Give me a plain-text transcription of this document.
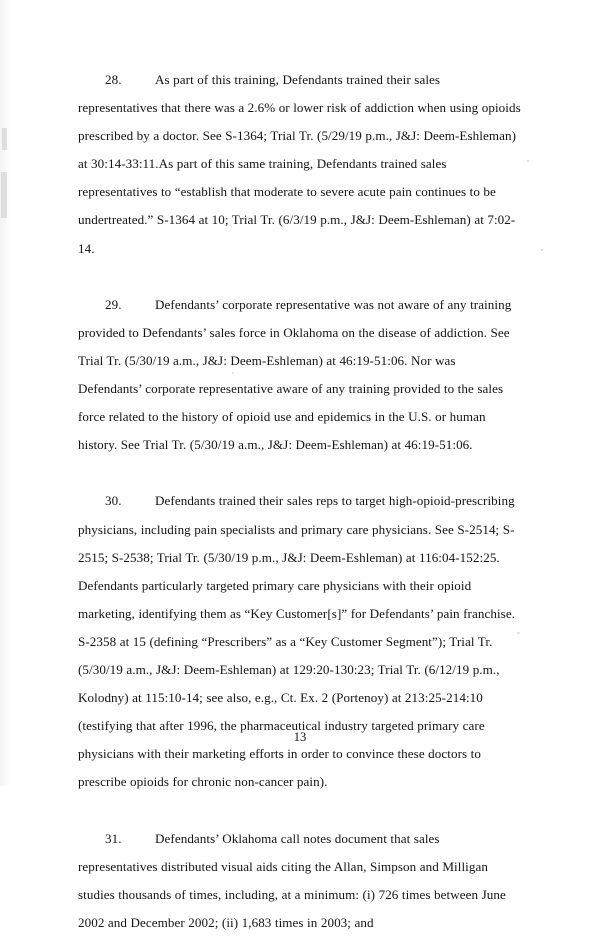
28.	As part of this training, Defendants trained their sales representatives that there was a 2.6% or lower risk of addiction when using opioids prescribed by a doctor. See S-1364; Trial Tr. (5/29/19 p.m., J&J: Deem-Eshleman) at 30:14-33:11.As part of this same training, Defendants trained sales representatives to “establish that moderate to severe acute pain continues to be undertreated.” S-1364 at 10; Trial Tr. (6/3/19 p.m., J&J: Deem-Eshleman) at 7:02-14.

29.	Defendants’ corporate representative was not aware of any training provided to Defendants’ sales force in Oklahoma on the disease of addiction. See Trial Tr. (5/30/19 a.m., J&J: Deem-Eshleman) at 46:19-51:06. Nor was Defendants’ corporate representative aware of any training provided to the sales force related to the history of opioid use and epidemics in the U.S. or human history. See Trial Tr. (5/30/19 a.m., J&J: Deem-Eshleman) at 46:19-51:06.

30.	Defendants trained their sales reps to target high-opioid-prescribing physicians, including pain specialists and primary care physicians. See S-2514; S-2515; S-2538; Trial Tr. (5/30/19 p.m., J&J: Deem-Eshleman) at 116:04-152:25. Defendants particularly targeted primary care physicians with their opioid marketing, identifying them as “Key Customer[s]” for Defendants’ pain franchise. S-2358 at 15 (defining “Prescribers” as a “Key Customer Segment”); Trial Tr. (5/30/19 a.m., J&J: Deem-Eshleman) at 129:20-130:23; Trial Tr. (6/12/19 p.m., Kolodny) at 115:10-14; see also, e.g., Ct. Ex. 2 (Portenoy) at 213:25-214:10 (testifying that after 1996, the pharmaceutical industry targeted primary care physicians with their marketing efforts in order to convince these doctors to prescribe opioids for chronic non-cancer pain).

31.	Defendants’ Oklahoma call notes document that sales representatives distributed visual aids citing the Allan, Simpson and Milligan studies thousands of times, including, at a minimum: (i) 726 times between June 2002 and December 2002; (ii) 1,683 times in 2003; and

13
